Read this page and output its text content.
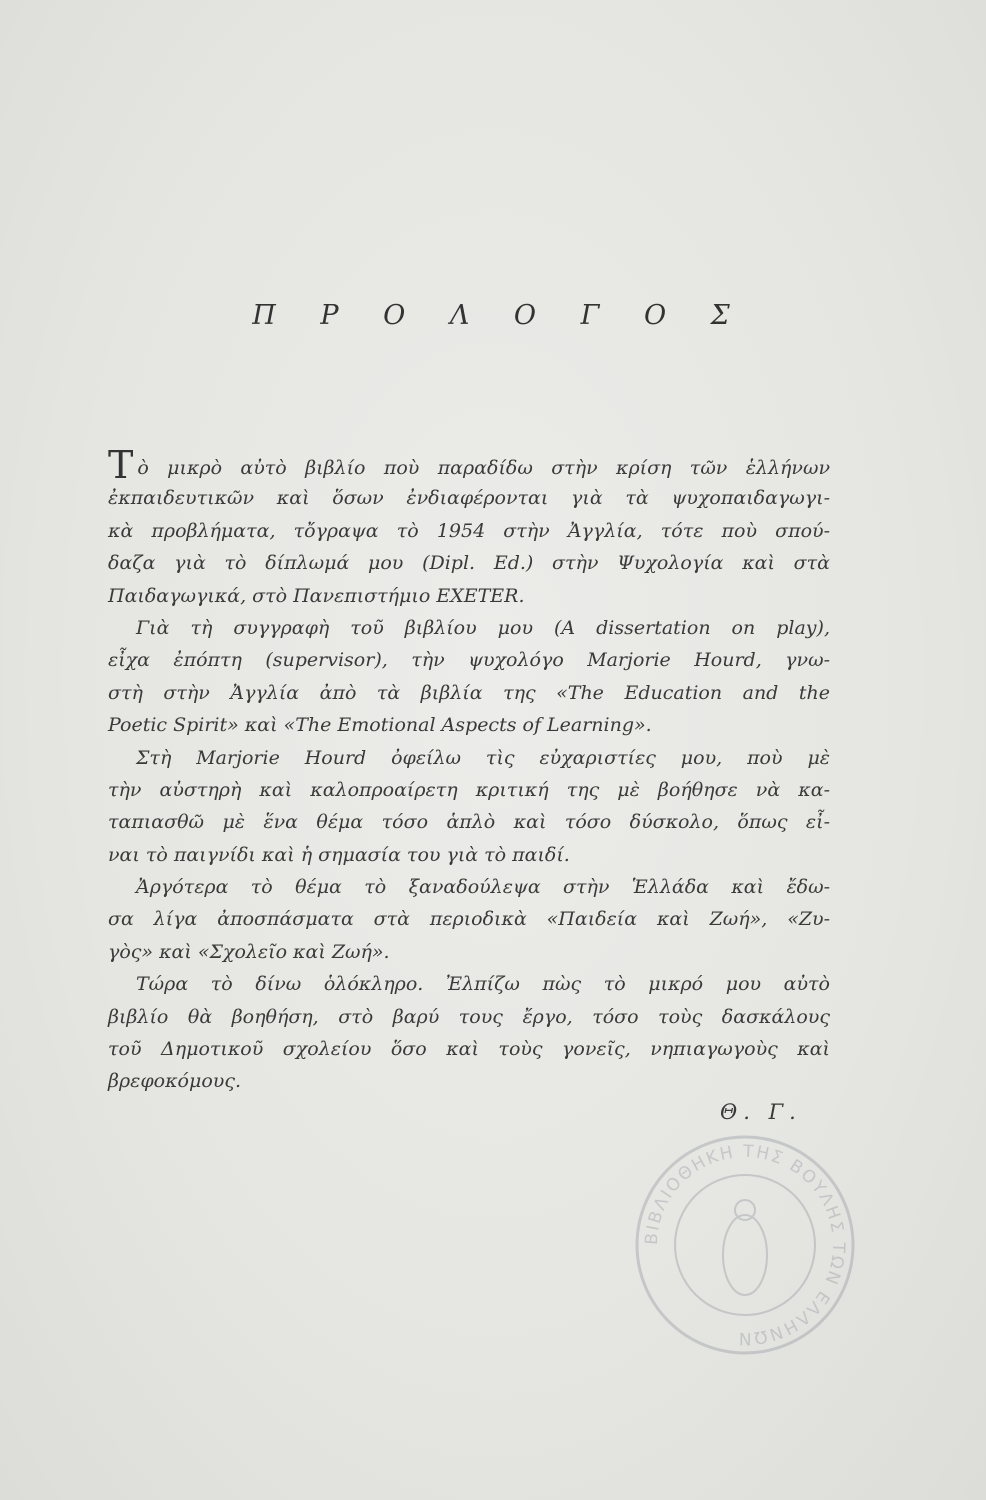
Π Ρ Ο Λ Ο Γ Ο Σ
Τὸ μικρὸ αὐτὸ βιβλίο ποὺ παραδίδω στὴν κρίση τῶν ἑλλήνων
ἐκπαιδευτικῶν καὶ ὅσων ἐνδιαφέρονται γιὰ τὰ ψυχοπαιδαγωγι-
κὰ προβλήματα, τὄγραψα τὸ 1954 στὴν Ἀγγλία, τότε ποὺ σπού-
δαζα γιὰ τὸ δίπλωμά μου (Dipl. Ed.) στὴν Ψυχολογία καὶ στὰ
Παιδαγωγικά, στὸ Πανεπιστήμιο EXETER.
Γιὰ τὴ συγγραφὴ τοῦ βιβλίου μου (A dissertation on play),
εἶχα ἐπόπτη (supervisor), τὴν ψυχολόγο Marjorie Hourd, γνω-
στὴ στὴν Ἀγγλία ἀπὸ τὰ βιβλία της «The Education and the
Poetic Spirit» καὶ «The Emotional Aspects of Learning».
Στὴ Marjorie Hourd ὀφείλω τὶς εὐχαριστίες μου, ποὺ μὲ
τὴν αὐστηρὴ καὶ καλοπροαίρετη κριτική της μὲ βοήθησε νὰ κα-
ταπιασθῶ μὲ ἕνα θέμα τόσο ἁπλὸ καὶ τόσο δύσκολο, ὅπως εἶ-
ναι τὸ παιγνίδι καὶ ἡ σημασία του γιὰ τὸ παιδί.
Ἀργότερα τὸ θέμα τὸ ξαναδούλεψα στὴν Ἑλλάδα καὶ ἔδω-
σα λίγα ἀποσπάσματα στὰ περιοδικὰ «Παιδεία καὶ Ζωή», «Ζυ-
γὸς» καὶ «Σχολεῖο καὶ Ζωή».
Τώρα τὸ δίνω ὁλόκληρο. Ἐλπίζω πὼς τὸ μικρό μου αὐτὸ
βιβλίο θὰ βοηθήση, στὸ βαρύ τους ἔργο, τόσο τοὺς δασκάλους
τοῦ Δημοτικοῦ σχολείου ὅσο καὶ τοὺς γονεῖς, νηπιαγωγοὺς καὶ
βρεφοκόμους.
Θ. Γ.
ΒΙΒΛΙΟΘΗΚΗ ΤΗΣ ΒΟΥΛΗΣ ΤΩΝ ΕΛΛΗΝΩΝ
